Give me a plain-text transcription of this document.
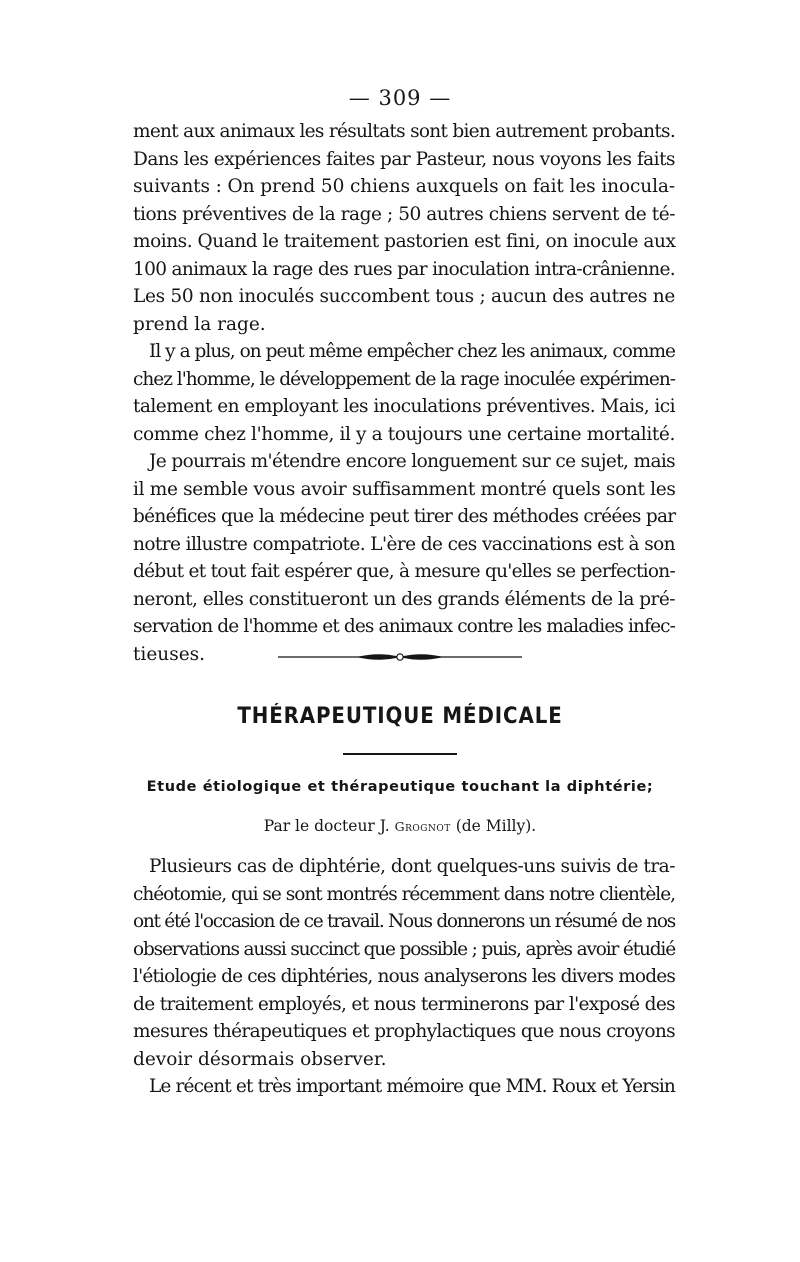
— 309 —
ment aux animaux les résultats sont bien autrement probants.
Dans les expériences faites par Pasteur, nous voyons les faits
suivants : On prend 50 chiens auxquels on fait les inocula-
tions préventives de la rage ; 50 autres chiens servent de té-
moins. Quand le traitement pastorien est fini, on inocule aux
100 animaux la rage des rues par inoculation intra-crânienne.
Les 50 non inoculés succombent tous ; aucun des autres ne
prend la rage.
Il y a plus, on peut même empêcher chez les animaux, comme
chez l'homme, le développement de la rage inoculée expérimen-
talement en employant les inoculations préventives. Mais, ici
comme chez l'homme, il y a toujours une certaine mortalité.
Je pourrais m'étendre encore longuement sur ce sujet, mais
il me semble vous avoir suffisamment montré quels sont les
bénéfices que la médecine peut tirer des méthodes créées par
notre illustre compatriote. L'ère de ces vaccinations est à son
début et tout fait espérer que, à mesure qu'elles se perfection-
neront, elles constitueront un des grands éléments de la pré-
servation de l'homme et des animaux contre les maladies infec-
tieuses.
THÉRAPEUTIQUE MÉDICALE
Etude étiologique et thérapeutique touchant la diphtérie;
Par le docteur J. Grognot (de Milly).
Plusieurs cas de diphtérie, dont quelques-uns suivis de tra-
chéotomie, qui se sont montrés récemment dans notre clientèle,
ont été l'occasion de ce travail. Nous donnerons un résumé de nos
observations aussi succinct que possible ; puis, après avoir étudié
l'étiologie de ces diphtéries, nous analyserons les divers modes
de traitement employés, et nous terminerons par l'exposé des
mesures thérapeutiques et prophylactiques que nous croyons
devoir désormais observer.
Le récent et très important mémoire que MM. Roux et Yersin
